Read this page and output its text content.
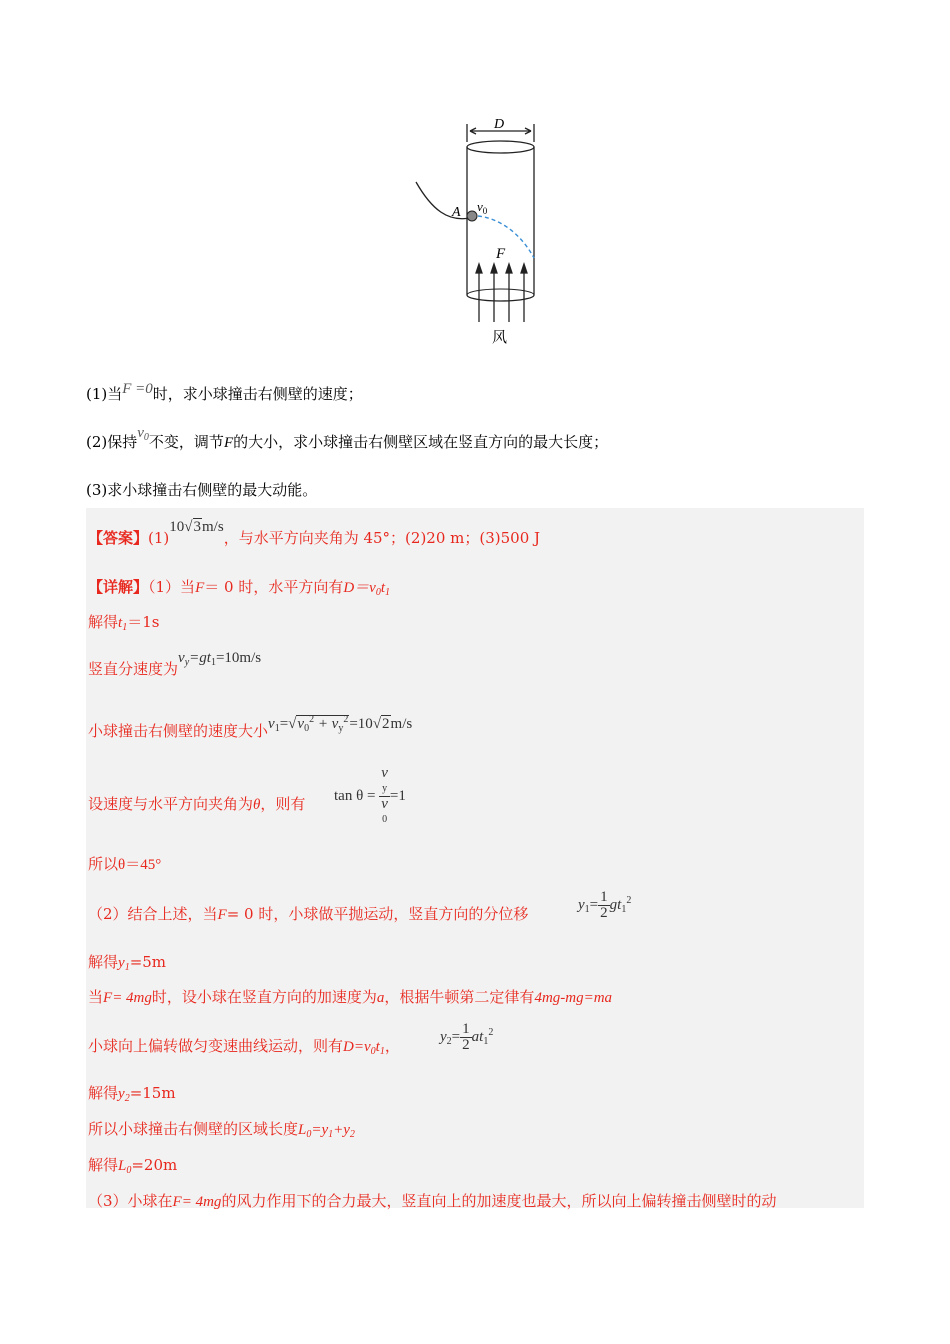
D
A $v_0$
F
风
(1)当F =0时，求小球撞击右侧壁的速度；
(2)保持$v_0$不变，调节F的大小，求小球撞击右侧壁区域在竖直方向的最大长度；
(3)求小球撞击右侧壁的最大动能。
【答案】(1)10√3m/s，与水平方向夹角为 45°；(2)20 m；(3)500 J
【详解】（1）当F＝ 0 时，水平方向有$D=v_0t_1$
解得$t_1=1s$
竖直分速度为$v_y=gt_1=10m/s$
小球撞击右侧壁的速度大小$v_1=√v_0^2 + v_y^2=10√2m/s$
设速度与水平方向夹角为θ，则有 tan θ = v
y
v
0 =1
所以θ＝45°
（2）结合上述，当F= 0 时，小球做平抛运动，竖直方向的分位移
$y_1= \frac{1}{2} gt_1^2$
解得$y_1=5m$
当F= 4mg时，设小球在竖直方向的加速度为a，根据牛顿第二定律有4mg-mg=ma
小球向上偏转做匀变速曲线运动，则有$D=v_0t_1$，
$y_2= \frac{1}{2} at_1^2$
解得$y_2=15m$
所以小球撞击右侧壁的区域长度$L_0=y_1+y_2$
解得$L_0=20m$
（3）小球在F= 4mg的风力作用下的合力最大，竖直向上的加速度也最大，所以向上偏转撞击侧壁时的动
